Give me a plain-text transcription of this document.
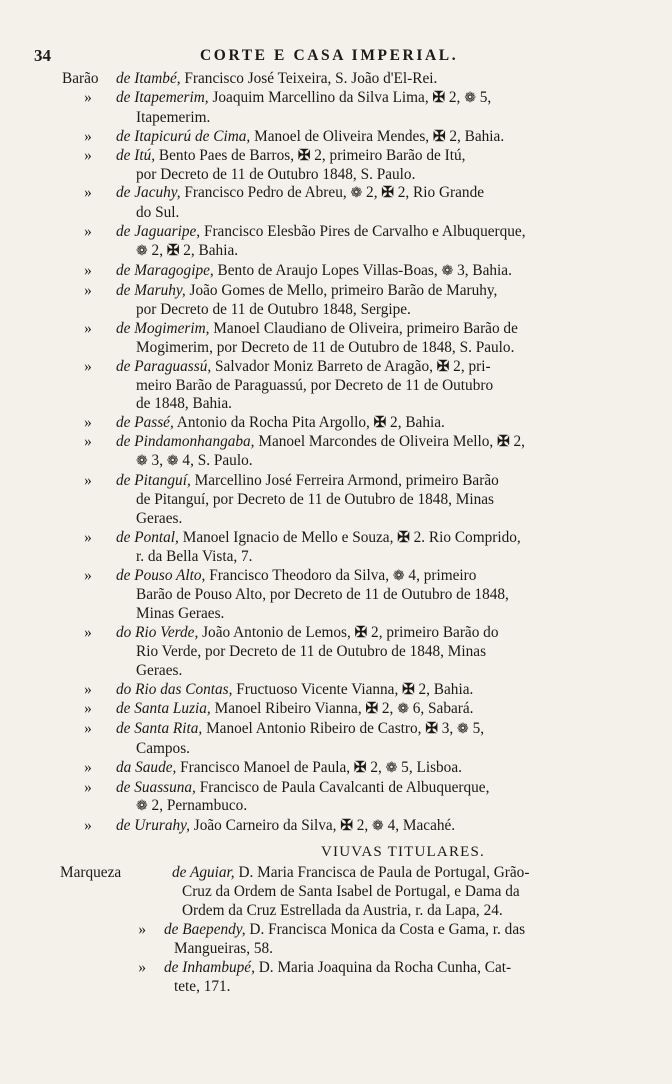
34	CORTE E CASA IMPERIAL.
Barão	de Itambé, Francisco José Teixeira, S. João d'El-Rei.
»	de Itapemerim, Joaquim Marcellino da Silva Lima, ✠ 2, ❁ 5,
Itapemerim.
»	de Itapicurú de Cima, Manoel de Oliveira Mendes, ✠ 2, Bahia.
»	de Itú, Bento Paes de Barros, ✠ 2, primeiro Barão de Itú,
por Decreto de 11 de Outubro 1848, S. Paulo.
»	de Jacuhy, Francisco Pedro de Abreu, ❁ 2, ✠ 2, Rio Grande
do Sul.
»	de Jaguaripe, Francisco Elesbão Pires de Carvalho e Albuquerque,
❁ 2, ✠ 2, Bahia.
»	de Maragogipe, Bento de Araujo Lopes Villas-Boas, ❁ 3, Bahia.
»	de Maruhy, João Gomes de Mello, primeiro Barão de Maruhy,
por Decreto de 11 de Outubro 1848, Sergipe.
»	de Mogimerim, Manoel Claudiano de Oliveira, primeiro Barão de
Mogimerim, por Decreto de 11 de Outubro de 1848, S. Paulo.
»	de Paraguassú, Salvador Moniz Barreto de Aragão, ✠ 2, pri-
meiro Barão de Paraguassú, por Decreto de 11 de Outubro
de 1848, Bahia.
»	de Passé, Antonio da Rocha Pita Argollo, ✠ 2, Bahia.
»	de Pindamonhangaba, Manoel Marcondes de Oliveira Mello, ✠ 2,
❁ 3, ❁ 4, S. Paulo.
»	de Pitanguí, Marcellino José Ferreira Armond, primeiro Barão
de Pitanguí, por Decreto de 11 de Outubro de 1848, Minas
Geraes.
»	de Pontal, Manoel Ignacio de Mello e Souza, ✠ 2. Rio Comprido,
r. da Bella Vista, 7.
»	de Pouso Alto, Francisco Theodoro da Silva, ❁ 4, primeiro
Barão de Pouso Alto, por Decreto de 11 de Outubro de 1848,
Minas Geraes.
»	do Rio Verde, João Antonio de Lemos, ✠ 2, primeiro Barão do
Rio Verde, por Decreto de 11 de Outubro de 1848, Minas
Geraes.
»	do Rio das Contas, Fructuoso Vicente Vianna, ✠ 2, Bahia.
»	de Santa Luzia, Manoel Ribeiro Vianna, ✠ 2, ❁ 6, Sabará.
»	de Santa Rita, Manoel Antonio Ribeiro de Castro, ✠ 3, ❁ 5,
Campos.
»	da Saude, Francisco Manoel de Paula, ✠ 2, ❁ 5, Lisboa.
»	de Suassuna, Francisco de Paula Cavalcanti de Albuquerque,
❁ 2, Pernambuco.
»	de Ururahy, João Carneiro da Silva, ✠ 2, ❁ 4, Macahé.
VIUVAS TITULARES.
Marqueza	de Aguiar, D. Maria Francisca de Paula de Portugal, Grão-
Cruz da Ordem de Santa Isabel de Portugal, e Dama da
Ordem da Cruz Estrellada da Austria, r. da Lapa, 24.
» de Baependy, D. Francisca Monica da Costa e Gama, r. das
Mangueiras, 58.
» de Inhambupé, D. Maria Joaquina da Rocha Cunha, Cat-
tete, 171.
